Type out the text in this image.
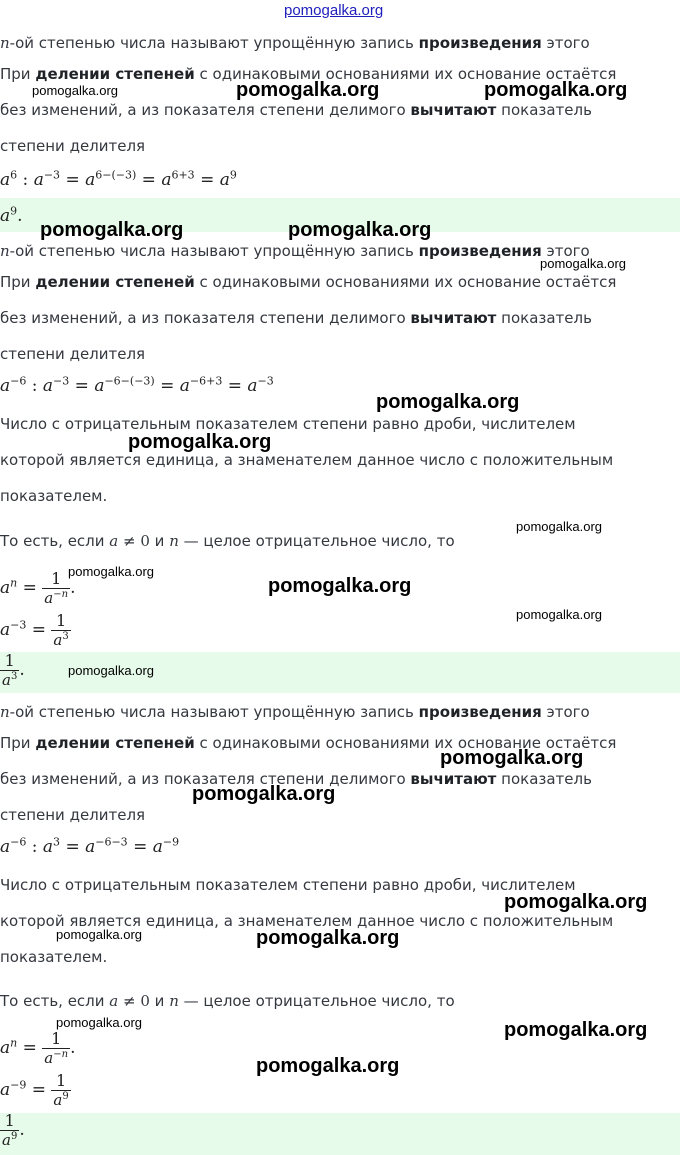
pomogalka.org
n-ой степенью числа называют упрощённую запись произведения этого
При делении степеней с одинаковыми основаниями их основание остаётся
без изменений, а из показателя степени делимого вычитают показатель
степени делителя
$a^6$ : $a^{-3} = a^{6-(-3)} = a^{6+3} = a^9$
$a^9$.
n-ой степенью числа называют упрощённую запись произведения этого
При делении степеней с одинаковыми основаниями их основание остаётся
без изменений, а из показателя степени делимого вычитают показатель
степени делителя
$a^{-6}$ : $a^{-3} = a^{-6-(-3)} = a^{-6+3} = a^{-3}$
Число с отрицательным показателем степени равно дроби, числителем
которой является единица, а знаменателем данное число с положительным
показателем.
То есть, если a ≠ 0 и n — целое отрицательное число, то
$a^n = \frac{1}{a^{-n}}$ .
$a^{-3} = \frac{1}{a^3}$
$\frac{1}{a^3}$ .
n-ой степенью числа называют упрощённую запись произведения этого
При делении степеней с одинаковыми основаниями их основание остаётся
без изменений, а из показателя степени делимого вычитают показатель
степени делителя
$a^{-6}$ : $a^3 = a^{-6-3} = a^{-9}$
Число с отрицательным показателем степени равно дроби, числителем
которой является единица, а знаменателем данное число с положительным
показателем.
То есть, если a ≠ 0 и n — целое отрицательное число, то
$a^n = \frac{1}{a^{-n}}$ .
$a^{-9} = \frac{1}{a^9}$
$\frac{1}{a^9}$ .
pomogalka.org	pomogalka.org	pomogalka.org
pomogalka.org	pomogalka.org
pomogalka.org
pomogalka.org
pomogalka.org
pomogalka.org
pomogalka.org
pomogalka.org
pomogalka.org
pomogalka.org
pomogalka.org
pomogalka.org
pomogalka.org
pomogalka.org	pomogalka.org
pomogalka.org	pomogalka.org
pomogalka.org
